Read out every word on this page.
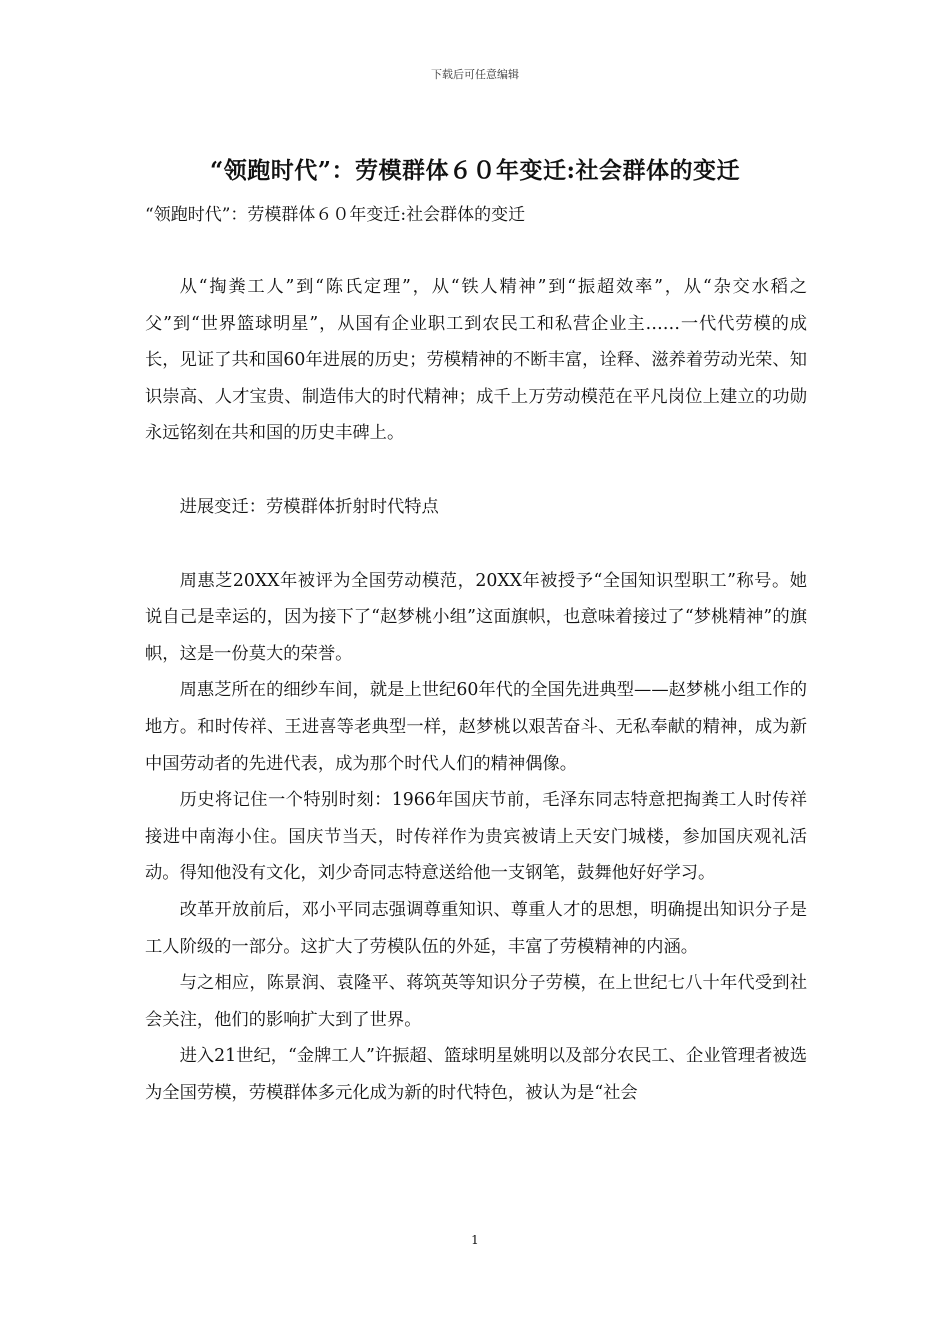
下载后可任意编辑
“领跑时代”：劳模群体６０年变迁:社会群体的变迁
“领跑时代”：劳模群体６０年变迁:社会群体的变迁

从“掏粪工人”到“陈氏定理”，从“铁人精神”到“振超效率”，从“杂交水稻之父”到“世界篮球明星”，从国有企业职工到农民工和私营企业主……一代代劳模的成长，见证了共和国60年进展的历史；劳模精神的不断丰富，诠释、滋养着劳动光荣、知识崇高、人才宝贵、制造伟大的时代精神；成千上万劳动模范在平凡岗位上建立的功勋永远铭刻在共和国的历史丰碑上。

进展变迁：劳模群体折射时代特点

周惠芝20XX年被评为全国劳动模范，20XX年被授予“全国知识型职工”称号。她说自己是幸运的，因为接下了“赵梦桃小组”这面旗帜，也意味着接过了“梦桃精神”的旗帜，这是一份莫大的荣誉。

周惠芝所在的细纱车间，就是上世纪60年代的全国先进典型——赵梦桃小组工作的地方。和时传祥、王进喜等老典型一样，赵梦桃以艰苦奋斗、无私奉献的精神，成为新中国劳动者的先进代表，成为那个时代人们的精神偶像。

历史将记住一个特别时刻：1966年国庆节前，毛泽东同志特意把掏粪工人时传祥接进中南海小住。国庆节当天，时传祥作为贵宾被请上天安门城楼，参加国庆观礼活动。得知他没有文化，刘少奇同志特意送给他一支钢笔，鼓舞他好好学习。

改革开放前后，邓小平同志强调尊重知识、尊重人才的思想，明确提出知识分子是工人阶级的一部分。这扩大了劳模队伍的外延，丰富了劳模精神的内涵。

与之相应，陈景润、袁隆平、蒋筑英等知识分子劳模，在上世纪七八十年代受到社会关注，他们的影响扩大到了世界。

进入21世纪，“金牌工人”许振超、篮球明星姚明以及部分农民工、企业管理者被选为全国劳模，劳模群体多元化成为新的时代特色，被认为是“社会

1
